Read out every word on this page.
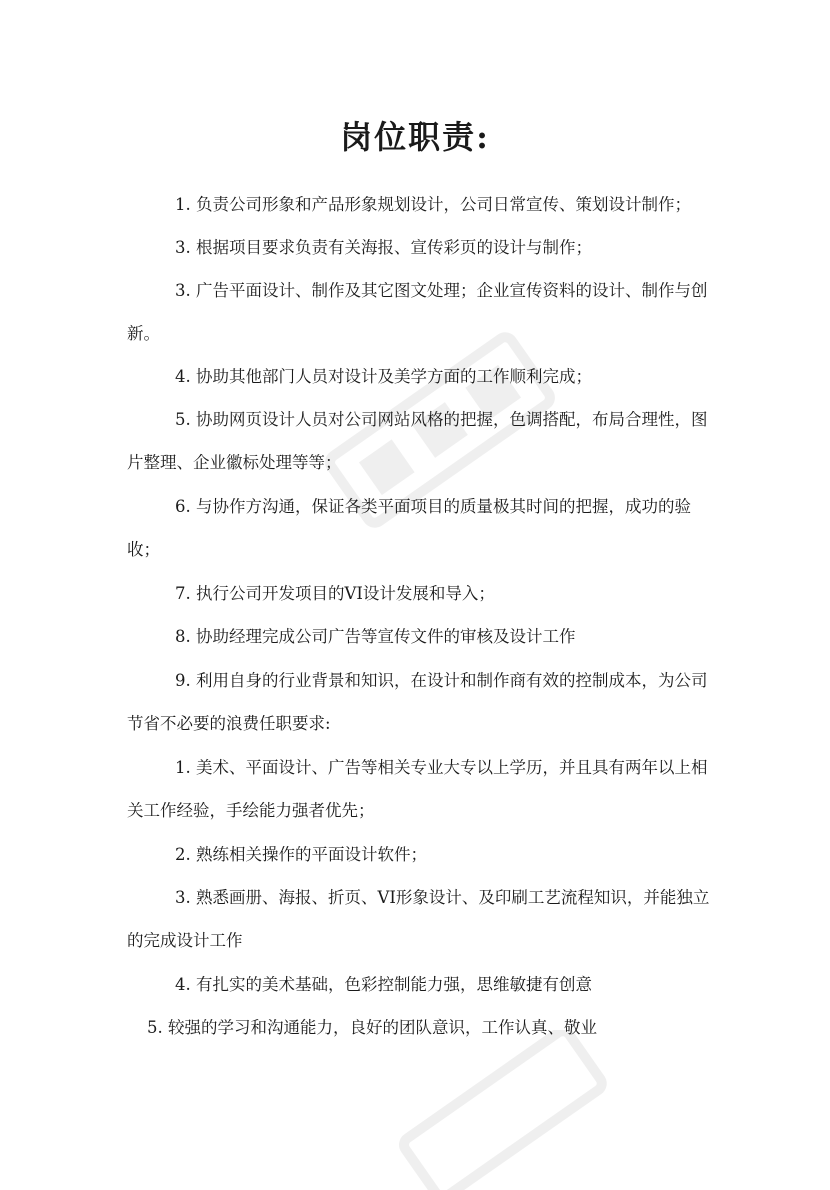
岗位职责:
1. 负责公司形象和产品形象规划设计，公司日常宣传、策划设计制作；
3. 根据项目要求负责有关海报、宣传彩页的设计与制作；
3. 广告平面设计、制作及其它图文处理；企业宣传资料的设计、制作与创新。
4. 协助其他部门人员对设计及美学方面的工作顺利完成；
5. 协助网页设计人员对公司网站风格的把握，色调搭配，布局合理性，图片整理、企业徽标处理等等；
6. 与协作方沟通，保证各类平面项目的质量极其时间的把握，成功的验收；
7. 执行公司开发项目的VI设计发展和导入；
8. 协助经理完成公司广告等宣传文件的审核及设计工作
9. 利用自身的行业背景和知识，在设计和制作商有效的控制成本，为公司节省不必要的浪费任职要求:
1. 美术、平面设计、广告等相关专业大专以上学历，并且具有两年以上相关工作经验，手绘能力强者优先；
2. 熟练相关操作的平面设计软件；
3. 熟悉画册、海报、折页、VI形象设计、及印刷工艺流程知识，并能独立的完成设计工作
4. 有扎实的美术基础，色彩控制能力强，思维敏捷有创意
5. 较强的学习和沟通能力，良好的团队意识，工作认真、敬业
